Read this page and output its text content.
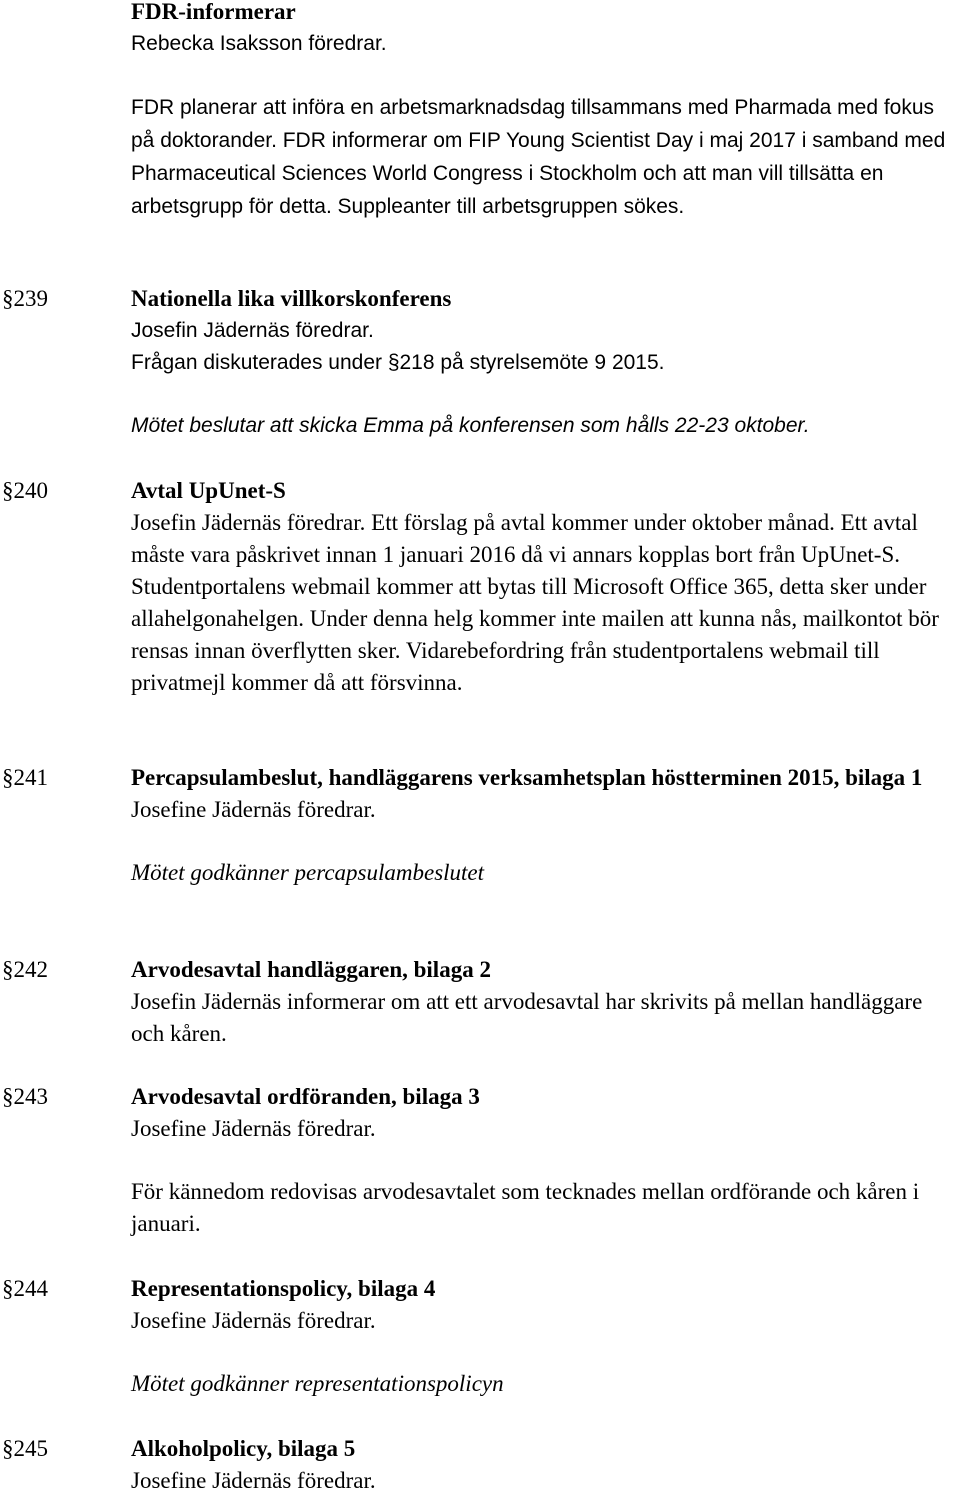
FDR-informerar
Rebecka Isaksson föredrar.
FDR planerar att införa en arbetsmarknadsdag tillsammans med Pharmada med fokus på doktorander. FDR informerar om FIP Young Scientist Day i maj 2017 i samband med Pharmaceutical Sciences World Congress i Stockholm och att man vill tillsätta en arbetsgrupp för detta. Suppleanter till arbetsgruppen sökes.
§239	Nationella lika villkorskonferens
Josefin Jädernäs föredrar.
Frågan diskuterades under §218 på styrelsemöte 9 2015.
Mötet beslutar att skicka Emma på konferensen som hålls 22-23 oktober.
§240	Avtal UpUnet-S
Josefin Jädernäs föredrar. Ett förslag på avtal kommer under oktober månad. Ett avtal måste vara påskrivet innan 1 januari 2016 då vi annars kopplas bort från UpUnet-S. Studentportalens webmail kommer att bytas till Microsoft Office 365, detta sker under allahelgonahelgen. Under denna helg kommer inte mailen att kunna nås, mailkontot bör rensas innan överflytten sker. Vidarebefordring från studentportalens webmail till privatmejl kommer då att försvinna.
§241	Percapsulambeslut, handläggarens verksamhetsplan höstterminen 2015, bilaga 1
Josefine Jädernäs föredrar.
Mötet godkänner percapsulambeslutet
§242	Arvodesavtal handläggaren, bilaga 2
Josefin Jädernäs informerar om att ett arvodesavtal har skrivits på mellan handläggare och kåren.
§243	Arvodesavtal ordföranden, bilaga 3
Josefine Jädernäs föredrar.
För kännedom redovisas arvodesavtalet som tecknades mellan ordförande och kåren i januari.
§244	Representationspolicy, bilaga 4
Josefine Jädernäs föredrar.
Mötet godkänner representationspolicyn
§245	Alkoholpolicy, bilaga 5
Josefine Jädernäs föredrar.
